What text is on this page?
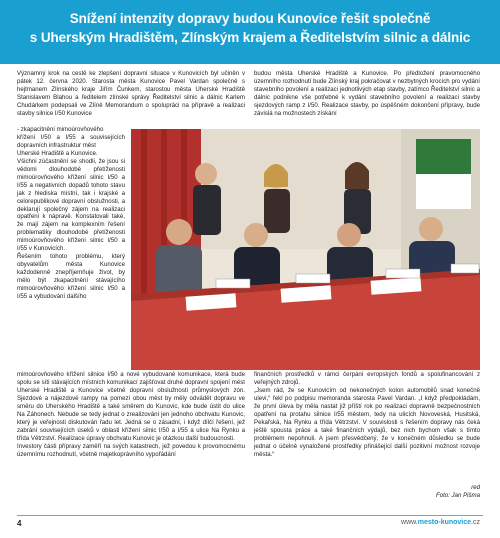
Snížení intenzity dopravy budou Kunovice řešit společně
s Uherským Hradištěm, Zlínským krajem a Ředitelstvím silnic a dálnic

Významný krok na cestě ke zlepšení dopravní situace v Kunovicích byl učiněn v pátek 12. června 2020. Starosta města Kunovice Pavel Vardan společně s hejtmanem Zlínského kraje Jiřím Čunkem, starostou města Uherské Hradiště Stanislavem Blahou a ředitelem zlínské správy Ředitelství silnic a dálnic Karlem Chudárkem podepsali ve Zlíně Memorandum o spolupráci na přípravě a realizaci stavby silnice I/50 Kunovice

- zkapacitnění mimoúrovňového

křížení I/50 a I/55 a souvisejících dopravních infrastruktur měst

Uherské Hradiště a Kunovice.

Všichni zúčastnění se shodli, že jsou si vědomi dlouhodobé přetíženosti mimoúrovňového křížení silnic I/50 a I/55 a negativních dopadů tohoto stavu jak z hlediska místní, tak i krajské a celorepublikové dopravní obslužnosti, a deklarují společný zájem na realizaci opatření k nápravě. Konstatovali také, že mají zájem na komplexním řešení problematiky dlouhodobé přetíženosti mimoúrovňového křížení silnic I/50 a I/55 v Kunovicích.

Řešením tohoto problému, který obyvatelům města Kunovice každodenně znepříjemňuje život, by mělo být zkapacitnění stávajícího mimoúrovňového křížení silnic I/50 a I/55 a vybudování dalšího

mimoúrovňového křížení silnice I/50 a nové vybudované komunikace, která bude spolu se síti stávajících místních komunikací zajišťovat druhé dopravní spojení měst Uherské Hradiště a Kunovice včetně dopravní obslužnosti průmyslových zón. Sjezdové a nájezdové rampy na pomezí obou měst by měly odvádět dopravu ve směru do Uherského Hradiště a také směrem do Kunovic, kde bude ústit do ulice Na Záhonech. Nebude se tedy jednat o zrealizování jen jednoho obchvatu Kunovic, který je veřejnosti diskutován řadu let. Jedná se o zásadní, i když dílčí řešení, jež zabrání souvisejících úseků v oblasti křížení silnic I/50 a I/55 a ulice Na Rynku a třída Větrzství. Realizace úpravy obchvatu Kunovic je otázkou další budoucnosti.

Investory části přípravy zaměří na svých katastrech, jež povedou k provomocnému územnímu rozhodnutí, včetně majetkoprávního vypořádání

budou města Uherské Hradiště a Kunovice. Po předložení pravomocného územního rozhodnutí bude Zlínský kraj pokračovat v nezbytných krocích pro vydání stavebního povolení a realizaci jednotlivých etap stavby, zatímco Ředitelství silnic a dálnic podnikne vše potřebné k vydání stavebního povolení a realizaci stavby sjezdových ramp z I/50. Realizace stavby, po úspěšném dokončení přípravy, bude závislá na možnostech získání

finančních prostředků v rámci čerpání evropských fondů a spolufinancování z veřejných zdrojů.

„Jsem rád, že se Kunovicím od nekonečných kolon automobilů snad konečně ulevi,“ řekl po podpisu memoranda starosta Pavel Vardan. „I když předpokládám, že první úleva by měla nastat již příští rok po realizaci dopravně bezpečnostních opatření na protahu silnice I/55 městem, tedy na ulicích Novoveská, Husitská, Pekařská, Na Rynku a třída Větrzství. V souvislosti s řešením dopravy nás čeká ještě spousta práce a také finančních výdajů, bez nich bychom však s tímto problémem nepohnuli. A jsem přesvědčený, že v konečném důsledku se bude jednat o účelně vynaložené prostředky přinášející další pozitivní možnost rozvoje města.“

red

Foto: Jan Pišma

4	www.mesto-kunovice.cz
